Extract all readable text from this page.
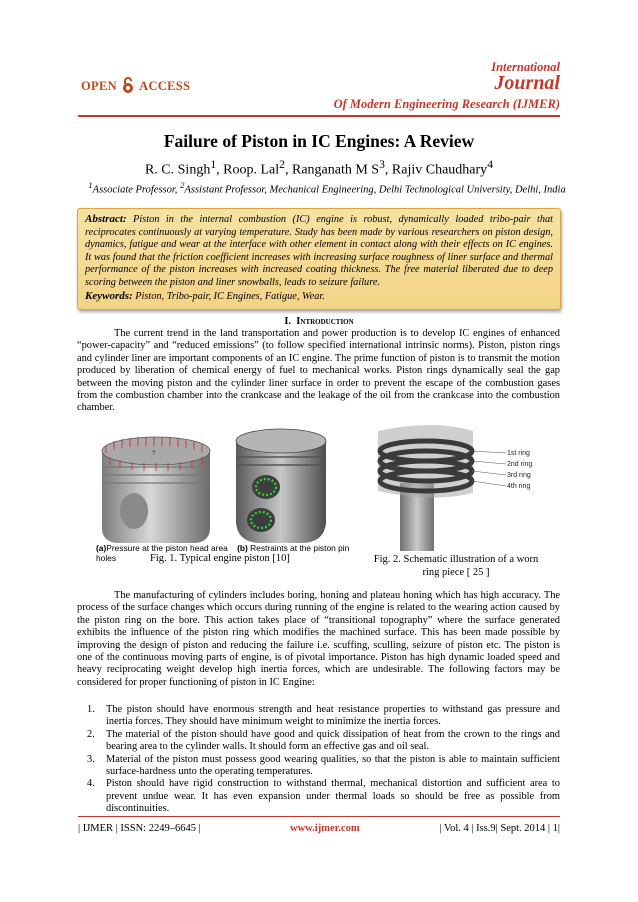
OPEN ACCESS
International
Journal
Of Modern Engineering Research (IJMER)
Failure of Piston in IC Engines: A Review
R. C. Singh$^1$, Roop. Lal$^2$, Ranganath M $S^3$, Rajiv Chaudhary$^4$
$^1$Associate Professor, $^2$Assistant Professor, Mechanical Engineering, Delhi Technological University, Delhi, India
Abstract: Piston in the internal combustion (IC) engine is robust, dynamically loaded tribo-pair that reciprocates continuously at varying temperature. Study has been made by various researchers on piston design, dynamics, fatigue and wear at the interface with other element in contact along with their effects on IC engines. It was found that the friction coefficient increases with increasing surface roughness of liner surface and thermal performance of the piston increases with increased coating thickness. The free material liberated due to deep scoring between the piston and liner snowballs, leads to seizure failure.
Keywords: Piston, Tribo-pair, IC Engines, Fatigue, Wear.
I. Introduction
The current trend in the land transportation and power production is to develop IC engines of enhanced “power-capacity” and “reduced emissions” (to follow specified international intrinsic norms). Piston, piston rings and cylinder liner are important components of an IC engine. The prime function of piston is to transmit the motion produced by liberation of chemical energy of fuel to mechanical works. Piston rings dynamically seal the gap between the moving piston and the cylinder liner surface in order to prevent the escape of the combustion gases from the combustion chamber into the crankcase and the leakage of the oil from the crankcase into the combustion chamber.
?
(a)Pressure at the piston head area (b) Restraints at the piston pin holes	Fig. 1. Typical engine piston [10]
1st ring
2nd ring
3rd ring
4th ring
Fig. 2. Schematic illustration of a worn ring piece [ 25 ]
The manufacturing of cylinders includes boring, honing and plateau honing which has high accuracy. The process of the surface changes which occurs during running of the engine is related to the wearing action caused by the piston ring on the bore. This action takes place of “transitional topography” where the surface generated exhibits the influence of the piston ring which modifies the machined surface. This has been made possible by improving the design of piston and reducing the failure i.e. scuffing, sculling, seizure of piston etc. The piston is one of the continuous moving parts of engine, is of pivotal importance. Piston has high dynamic loaded speed and heavy reciprocating weight develop high inertia forces, which are undesirable. The following factors may be considered for proper functioning of piston in IC Engine:
1. The piston should have enormous strength and heat resistance properties to withstand gas pressure and inertia forces. They should have minimum weight to minimize the inertia forces.
2. The material of the piston should have good and quick dissipation of heat from the crown to the rings and bearing area to the cylinder walls. It should form an effective gas and oil seal.
3. Material of the piston must possess good wearing qualities, so that the piston is able to maintain sufficient surface-hardness unto the operating temperatures.
4. Piston should have rigid construction to withstand thermal, mechanical distortion and sufficient area to prevent undue wear. It has even expansion under thermal loads so should be free as possible from discontinuities.
| IJMER | ISSN: 2249–6645 |	www.ijmer.com	| Vol. 4 | Iss.9| Sept. 2014 | 1|
